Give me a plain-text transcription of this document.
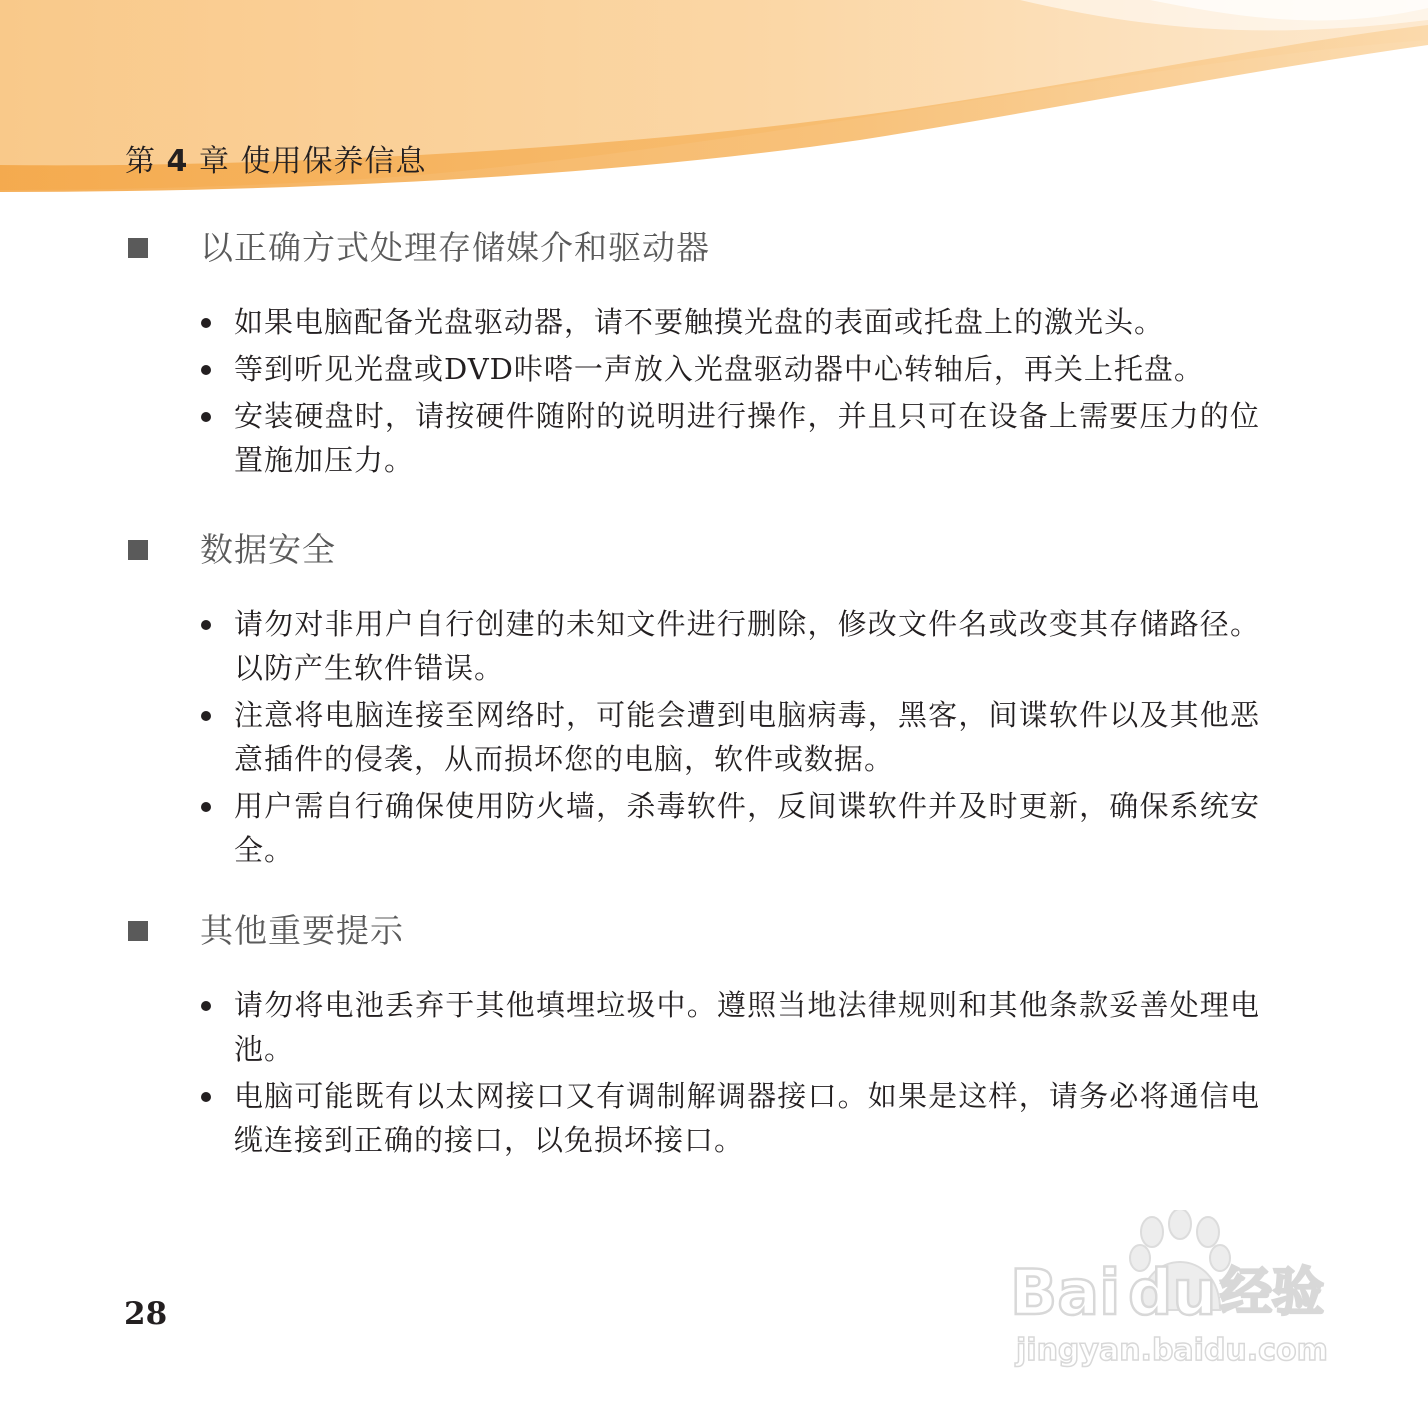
第 4 章 使用保养信息
以正确方式处理存储媒介和驱动器
如果电脑配备光盘驱动器，请不要触摸光盘的表面或托盘上的激光头。
等到听见光盘或DVD咔嗒一声放入光盘驱动器中心转轴后，再关上托盘。
安装硬盘时，请按硬件随附的说明进行操作，并且只可在设备上需要压力的位置施加压力。
数据安全
请勿对非用户自行创建的未知文件进行删除，修改文件名或改变其存储路径。以防产生软件错误。
注意将电脑连接至网络时，可能会遭到电脑病毒，黑客，间谍软件以及其他恶意插件的侵袭，从而损坏您的电脑，软件或数据。
用户需自行确保使用防火墙，杀毒软件，反间谍软件并及时更新，确保系统安全。
其他重要提示
请勿将电池丢弃于其他填埋垃圾中。遵照当地法律规则和其他条款妥善处理电池。
电脑可能既有以太网接口又有调制解调器接口。如果是这样，请务必将通信电缆连接到正确的接口，以免损坏接口。
28	Bai du 经验
jingyan.baidu.com
